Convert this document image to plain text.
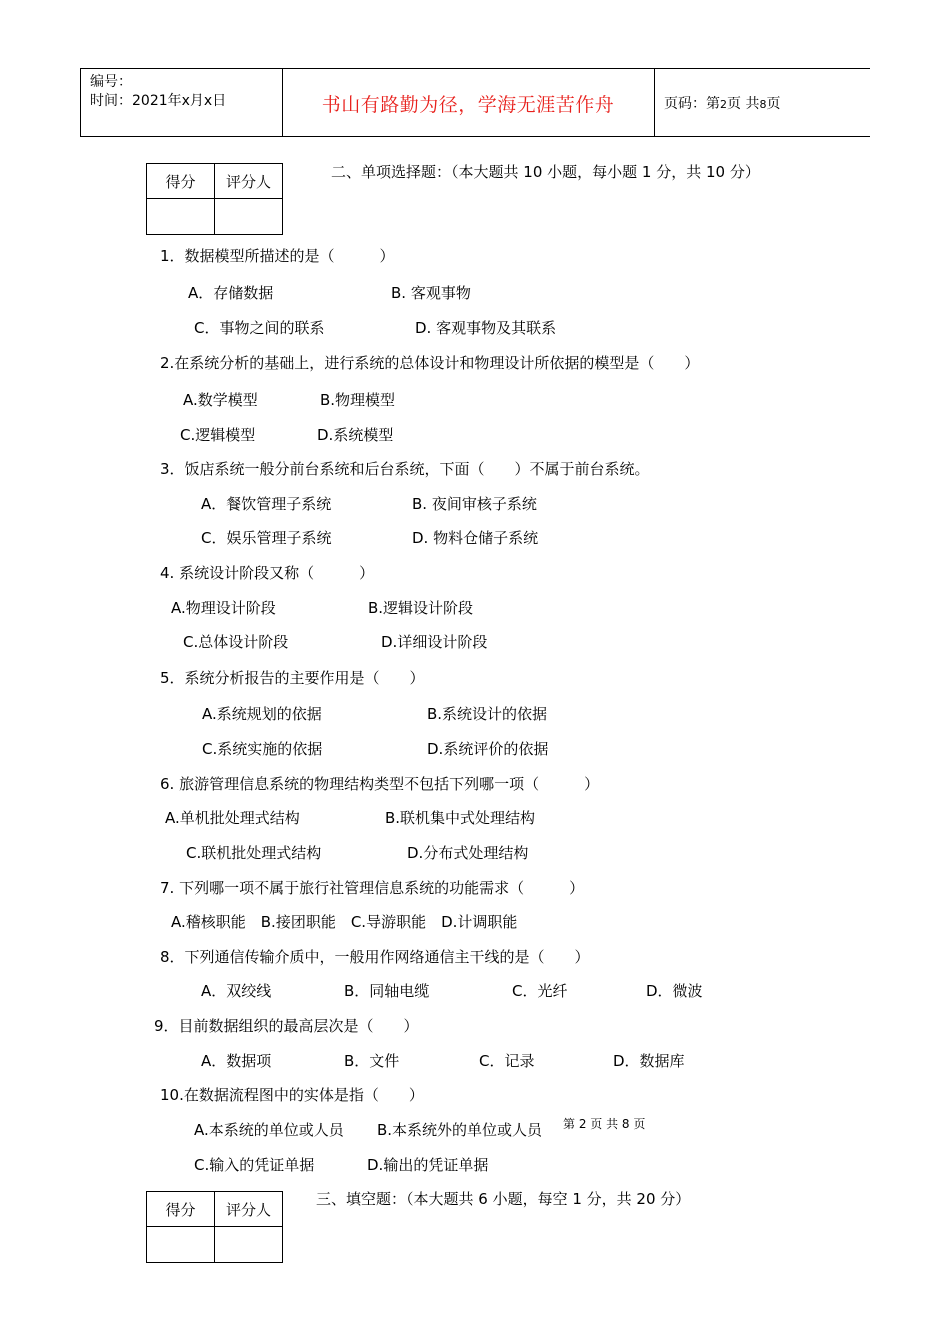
编号：
时间：2021年x月x日	书山有路勤为径，学海无涯苦作舟	页码：第2页 共8页
得分	评分人

二、单项选择题：（本大题共 10 小题，每小题 1 分，共 10 分）
1．数据模型所描述的是（　　　）
A．存储数据	B. 客观事物
C．事物之间的联系	D. 客观事物及其联系
2.在系统分析的基础上，进行系统的总体设计和物理设计所依据的模型是（　　）
A.数学模型	B.物理模型
C.逻辑模型	D.系统模型
3．饭店系统一般分前台系统和后台系统，下面（　　）不属于前台系统。
A．餐饮管理子系统	B. 夜间审核子系统
C．娱乐管理子系统	D. 物料仓储子系统
4. 系统设计阶段又称（　　　）
A.物理设计阶段	B.逻辑设计阶段
C.总体设计阶段	D.详细设计阶段
5．系统分析报告的主要作用是（　　）
A.系统规划的依据	B.系统设计的依据
C.系统实施的依据	D.系统评价的依据
6. 旅游管理信息系统的物理结构类型不包括下列哪一项（　　　）
A.单机批处理式结构	B.联机集中式处理结构
C.联机批处理式结构	D.分布式处理结构
7. 下列哪一项不属于旅行社管理信息系统的功能需求（　　　）
A.稽核职能　B.接团职能　C.导游职能　D.计调职能
8．下列通信传输介质中，一般用作网络通信主干线的是（　　）
A．双绞线	B．同轴电缆	C．光纤	D．微波
9．目前数据组织的最高层次是（　　）
A．数据项	B．文件	C．记录	D．数据库
10.在数据流程图中的实体是指（　　）
A.本系统的单位或人员 B.本系统外的单位或人员 第 2 页 共 8 页
C.输入的凭证单据	D.输出的凭证单据
得分	评分人

三、填空题：（本大题共 6 小题，每空 1 分，共 20 分）
